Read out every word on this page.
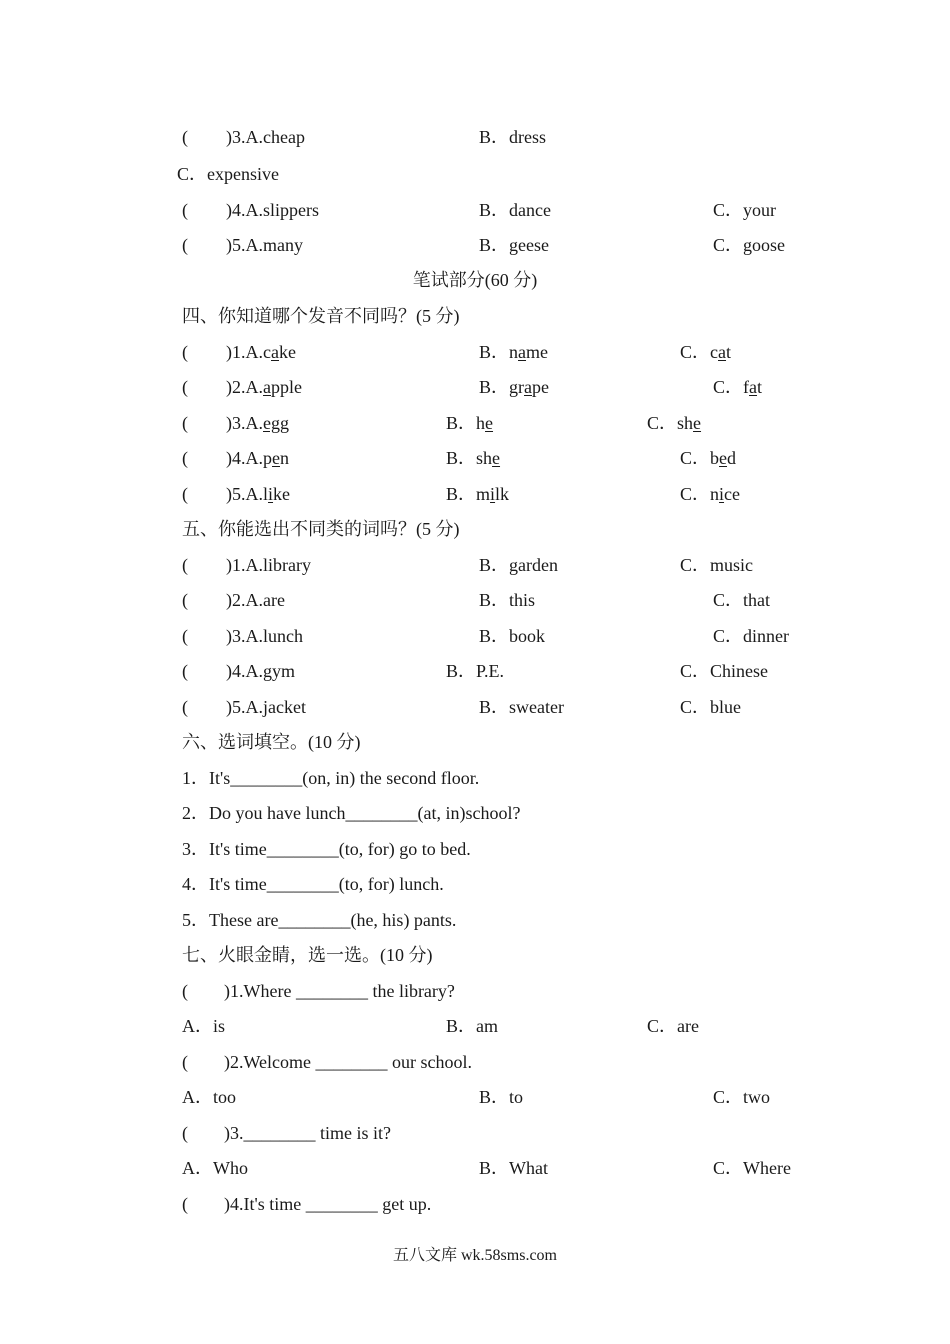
( )3.A.cheap	B．dress
C．expensive
( )4.A.slippers	B．dance	C．your
( )5.A.many	B．geese	C．goose
笔试部分(60 分)
四、你知道哪个发音不同吗？(5 分)
( )1.A.cake	B．name	C．cat
( )2.A.apple	B．grape	C．fat
( )3.A.egg	B．he	C．she
( )4.A.pen	B．she	C．bed
( )5.A.like	B．milk	C．nice
五、你能选出不同类的词吗？(5 分)
( )1.A.library	B．garden	C．music
( )2.A.are	B．this	C．that
( )3.A.lunch	B．book	C．dinner
( )4.A.gym	B．P.E.	C．Chinese
( )5.A.jacket	B．sweater	C．blue
六、选词填空。(10 分)
1．It's________(on, in) the second floor.
2．Do you have lunch________(at, in)school?
3．It's time________(to, for) go to bed.
4．It's time________(to, for) lunch.
5．These are________(he, his) pants.
七、火眼金睛，选一选。(10 分)
(　　)1.Where ________ the library?
A．is	B．am	C．are
(　　)2.Welcome ________ our school.
A．too	B．to	C．two
(　　)3.________ time is it?
A．Who	B．What	C．Where
(　　)4.It's time ________ get up.
五八文库 wk.58sms.com
